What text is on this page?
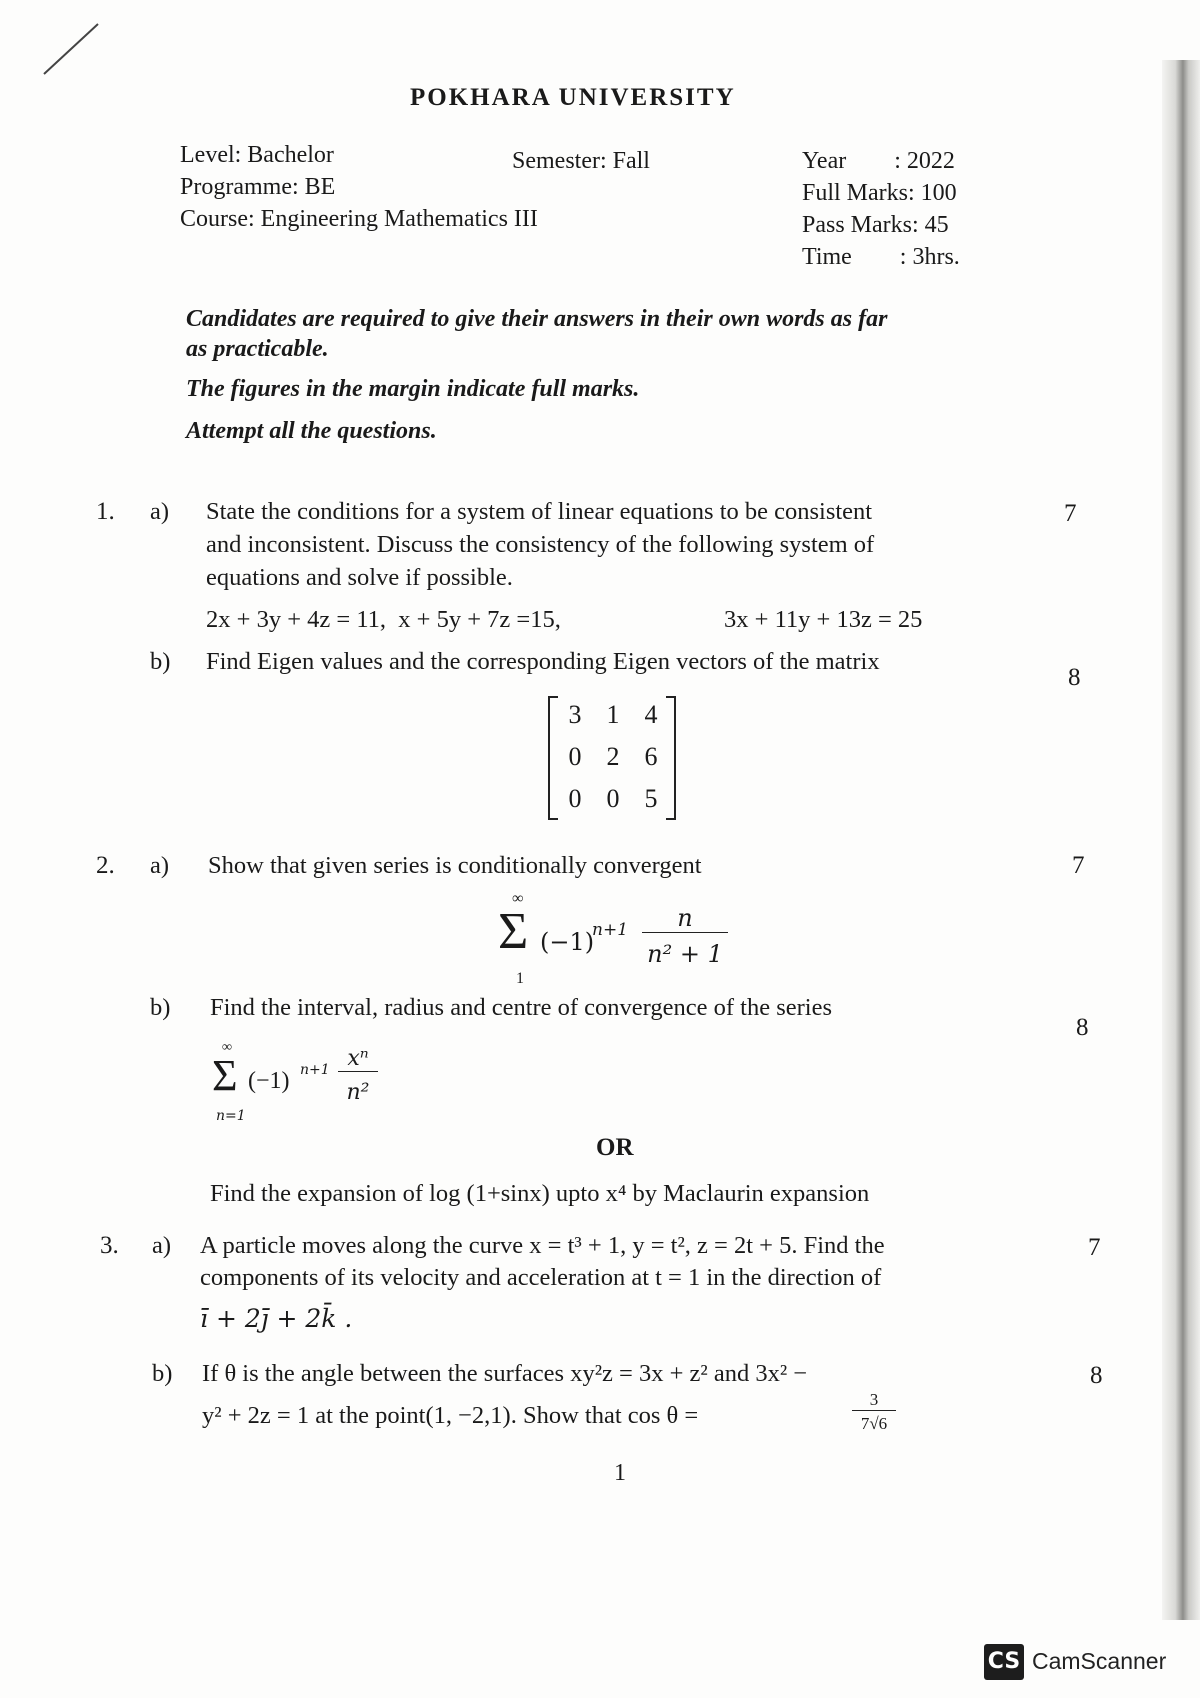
POKHARA UNIVERSITY
Level: Bachelor
Programme: BE
Course: Engineering Mathematics III
Semester: Fall	Year        : 2022
Full Marks: 100
Pass Marks: 45
Time        : 3hrs.
Candidates are required to give their answers in their own words as far
as practicable.
The figures in the margin indicate full marks.
Attempt all the questions.
1. a) State the conditions for a system of linear equations to be consistent
and inconsistent. Discuss the consistency of the following system of
equations and solve if possible.
2x + 3y + 4z = 11,  x + 5y + 7z =15,	3x + 11y + 13z = 25
7
b) Find Eigen values and the corresponding Eigen vectors of the matrix
8
3 1 4
0 2 6
0 0 5
2. a) Show that given series is conditionally convergent	7
∞
Σ
1
(−1)
n+1	n
n² + 1
b) Find the interval, radius and centre of convergence of the series
8
∞
Σ
n=1
(−1) n+1 xⁿ
n²
OR
Find the expansion of log (1+sinx) upto x⁴ by Maclaurin expansion
3. a) A particle moves along the curve x = t³ + 1, y = t², z = 2t + 5. Find the
components of its velocity and acceleration at t = 1 in the direction of
ī + 2j̄ + 2k̄ .
7
b) If θ is the angle between the surfaces xy²z = 3x + z² and 3x² −
y² + 2z = 1 at the point(1, −2,1). Show that cos θ =
3
7√6
8
1
CS CamScanner
